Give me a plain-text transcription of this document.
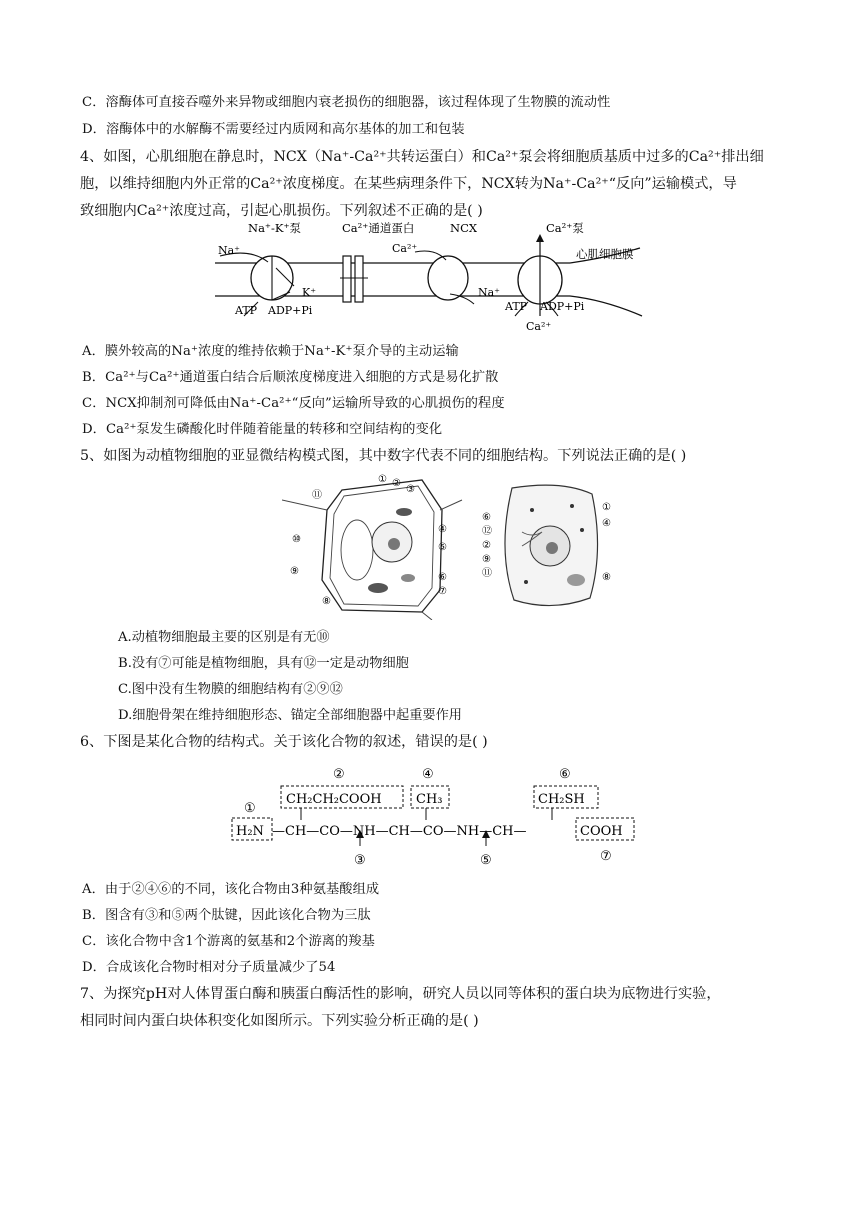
C．溶酶体可直接吞噬外来异物或细胞内衰老损伤的细胞器，该过程体现了生物膜的流动性
D．溶酶体中的水解酶不需要经过内质网和高尔基体的加工和包装
4、如图，心肌细胞在静息时，NCX（Na⁺-Ca²⁺共转运蛋白）和Ca²⁺泵会将细胞质基质中过多的Ca²⁺排出细
胞，以维持细胞内外正常的Ca²⁺浓度梯度。在某些病理条件下，NCX转为Na⁺-Ca²⁺“反向”运输模式，导
致细胞内Ca²⁺浓度过高，引起心肌损伤。下列叙述不正确的是( )
Na⁺-K⁺泵
Na⁺
K⁺
ATP ADP+Pi
Ca²⁺通道蛋白
Ca²⁺
NCX
Na⁺
Ca²⁺泵
心肌细胞膜
ATP ADP+Pi
Ca²⁺
A．膜外较高的Na⁺浓度的维持依赖于Na⁺-K⁺泵介导的主动运输
B．Ca²⁺与Ca²⁺通道蛋白结合后顺浓度梯度进入细胞的方式是易化扩散
C．NCX抑制剂可降低由Na⁺-Ca²⁺“反向”运输所导致的心肌损伤的程度
D．Ca²⁺泵发生磷酸化时伴随着能量的转移和空间结构的变化
5、如图为动植物细胞的亚显微结构模式图，其中数字代表不同的细胞结构。下列说法正确的是( )
⑪
① ②
③
④
⑤
⑩
⑨
⑥
⑦
⑧
⑥
⑫
②
⑨
⑪
①
④
⑧
A.动植物细胞最主要的区别是有无⑩
B.没有⑦可能是植物细胞，具有⑫一定是动物细胞
C.图中没有生物膜的细胞结构有②⑨⑫
D.细胞骨架在维持细胞形态、锚定全部细胞器中起重要作用
6、下图是某化合物的结构式。关于该化合物的叙述，错误的是( )
②	④	⑥
①
CH₂CH₂COOH	CH₃	CH₂SH
H₂N —CH—CO—NH—CH—CO—NH—CH—	COOH
③	⑤	⑦
A．由于②④⑥的不同，该化合物由3种氨基酸组成
B．图含有③和⑤两个肽键，因此该化合物为三肽
C．该化合物中含1个游离的氨基和2个游离的羧基
D．合成该化合物时相对分子质量减少了54
7、为探究pH对人体胃蛋白酶和胰蛋白酶活性的影响，研究人员以同等体积的蛋白块为底物进行实验，
相同时间内蛋白块体积变化如图所示。下列实验分析正确的是( )
